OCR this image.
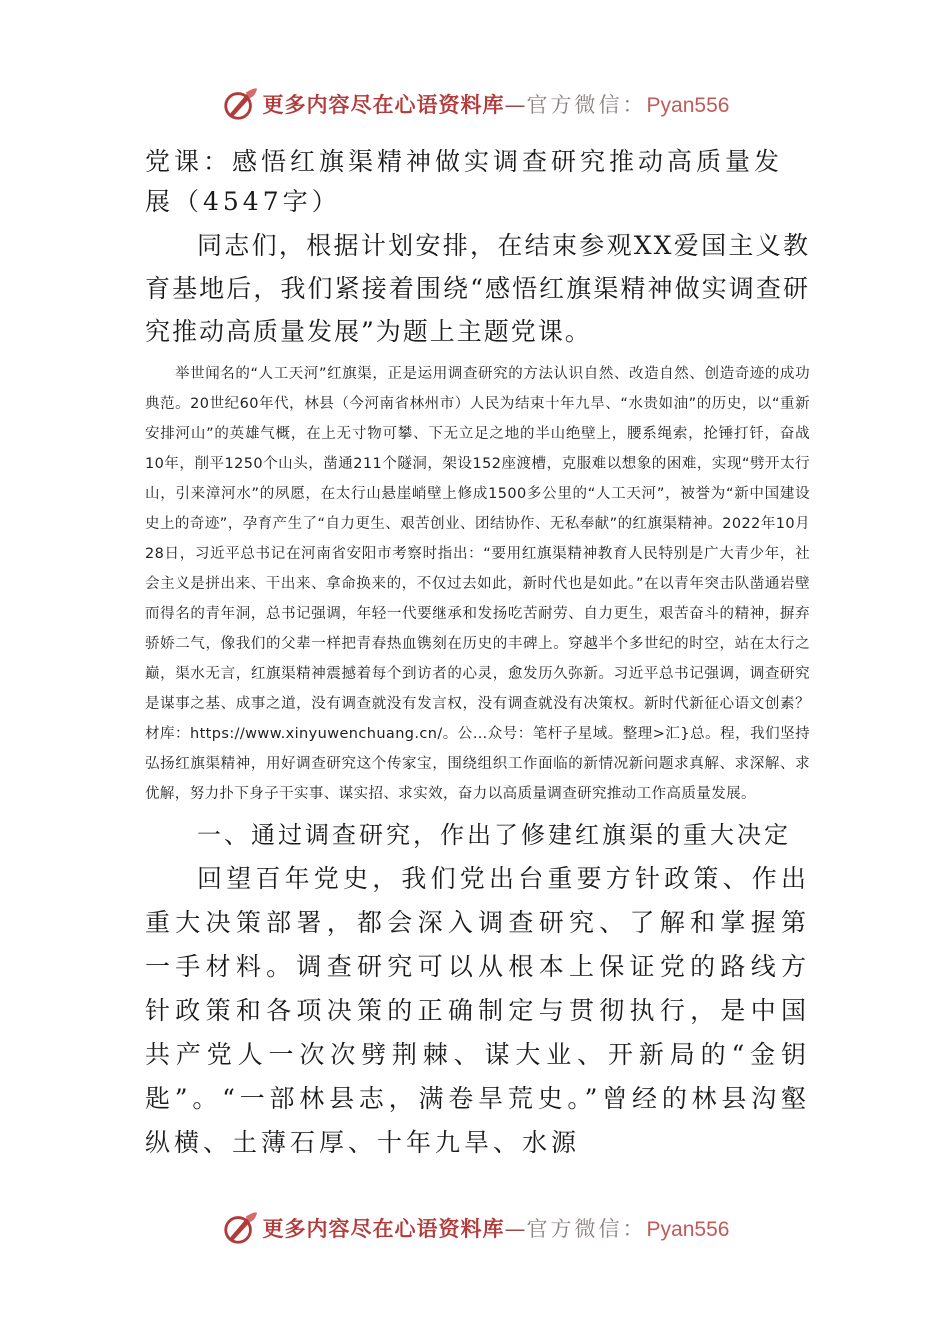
更多内容尽在心语资料库—官方微信：Pyan556

党课：感悟红旗渠精神做实调查研究推动高质量发展（4547字）

同志们，根据计划安排，在结束参观XX爱国主义教育基地后，我们紧接着围绕“感悟红旗渠精神做实调查研究推动高质量发展”为题上主题党课。

举世闻名的“人工天河”红旗渠，正是运用调查研究的方法认识自然、改造自然、创造奇迹的成功典范。20世纪60年代，林县（今河南省林州市）人民为结束十年九旱、“水贵如油”的历史，以“重新安排河山”的英雄气概，在上无寸物可攀、下无立足之地的半山绝壁上，腰系绳索，抡锤打钎，奋战10年，削平1250个山头，凿通211个隧洞，架设152座渡槽，克服难以想象的困难，实现“劈开太行山，引来漳河水”的夙愿，在太行山悬崖峭壁上修成1500多公里的“人工天河”，被誉为“新中国建设史上的奇迹”，孕育产生了“自力更生、艰苦创业、团结协作、无私奉献”的红旗渠精神。2022年10月28日，习近平总书记在河南省安阳市考察时指出：“要用红旗渠精神教育人民特别是广大青少年，社会主义是拼出来、干出来、拿命换来的，不仅过去如此，新时代也是如此。”在以青年突击队凿通岩壁而得名的青年洞，总书记强调，年轻一代要继承和发扬吃苦耐劳、自力更生，艰苦奋斗的精神，摒弃骄娇二气，像我们的父辈一样把青春热血镌刻在历史的丰碑上。穿越半个多世纪的时空，站在太行之巅，渠水无言，红旗渠精神震撼着每个到访者的心灵，愈发历久弥新。习近平总书记强调，调查研究是谋事之基、成事之道，没有调查就没有发言权，没有调查就没有决策权。新时代新征心语文创素？材库：https://www.xinyuwenchuang.cn/。公…众号：笔杆子星域。整理>汇}总。程，我们坚持弘扬红旗渠精神，用好调查研究这个传家宝，围绕组织工作面临的新情况新问题求真解、求深解、求优解，努力扑下身子干实事、谋实招、求实效，奋力以高质量调查研究推动工作高质量发展。

一、通过调查研究，作出了修建红旗渠的重大决定

回望百年党史，我们党出台重要方针政策、作出重大决策部署，都会深入调查研究、了解和掌握第一手材料。调查研究可以从根本上保证党的路线方针政策和各项决策的正确制定与贯彻执行，是中国共产党人一次次劈荆棘、谋大业、开新局的“金钥匙”。“一部林县志，满卷旱荒史。”曾经的林县沟壑纵横、土薄石厚、十年九旱、水源

更多内容尽在心语资料库—官方微信：Pyan556
